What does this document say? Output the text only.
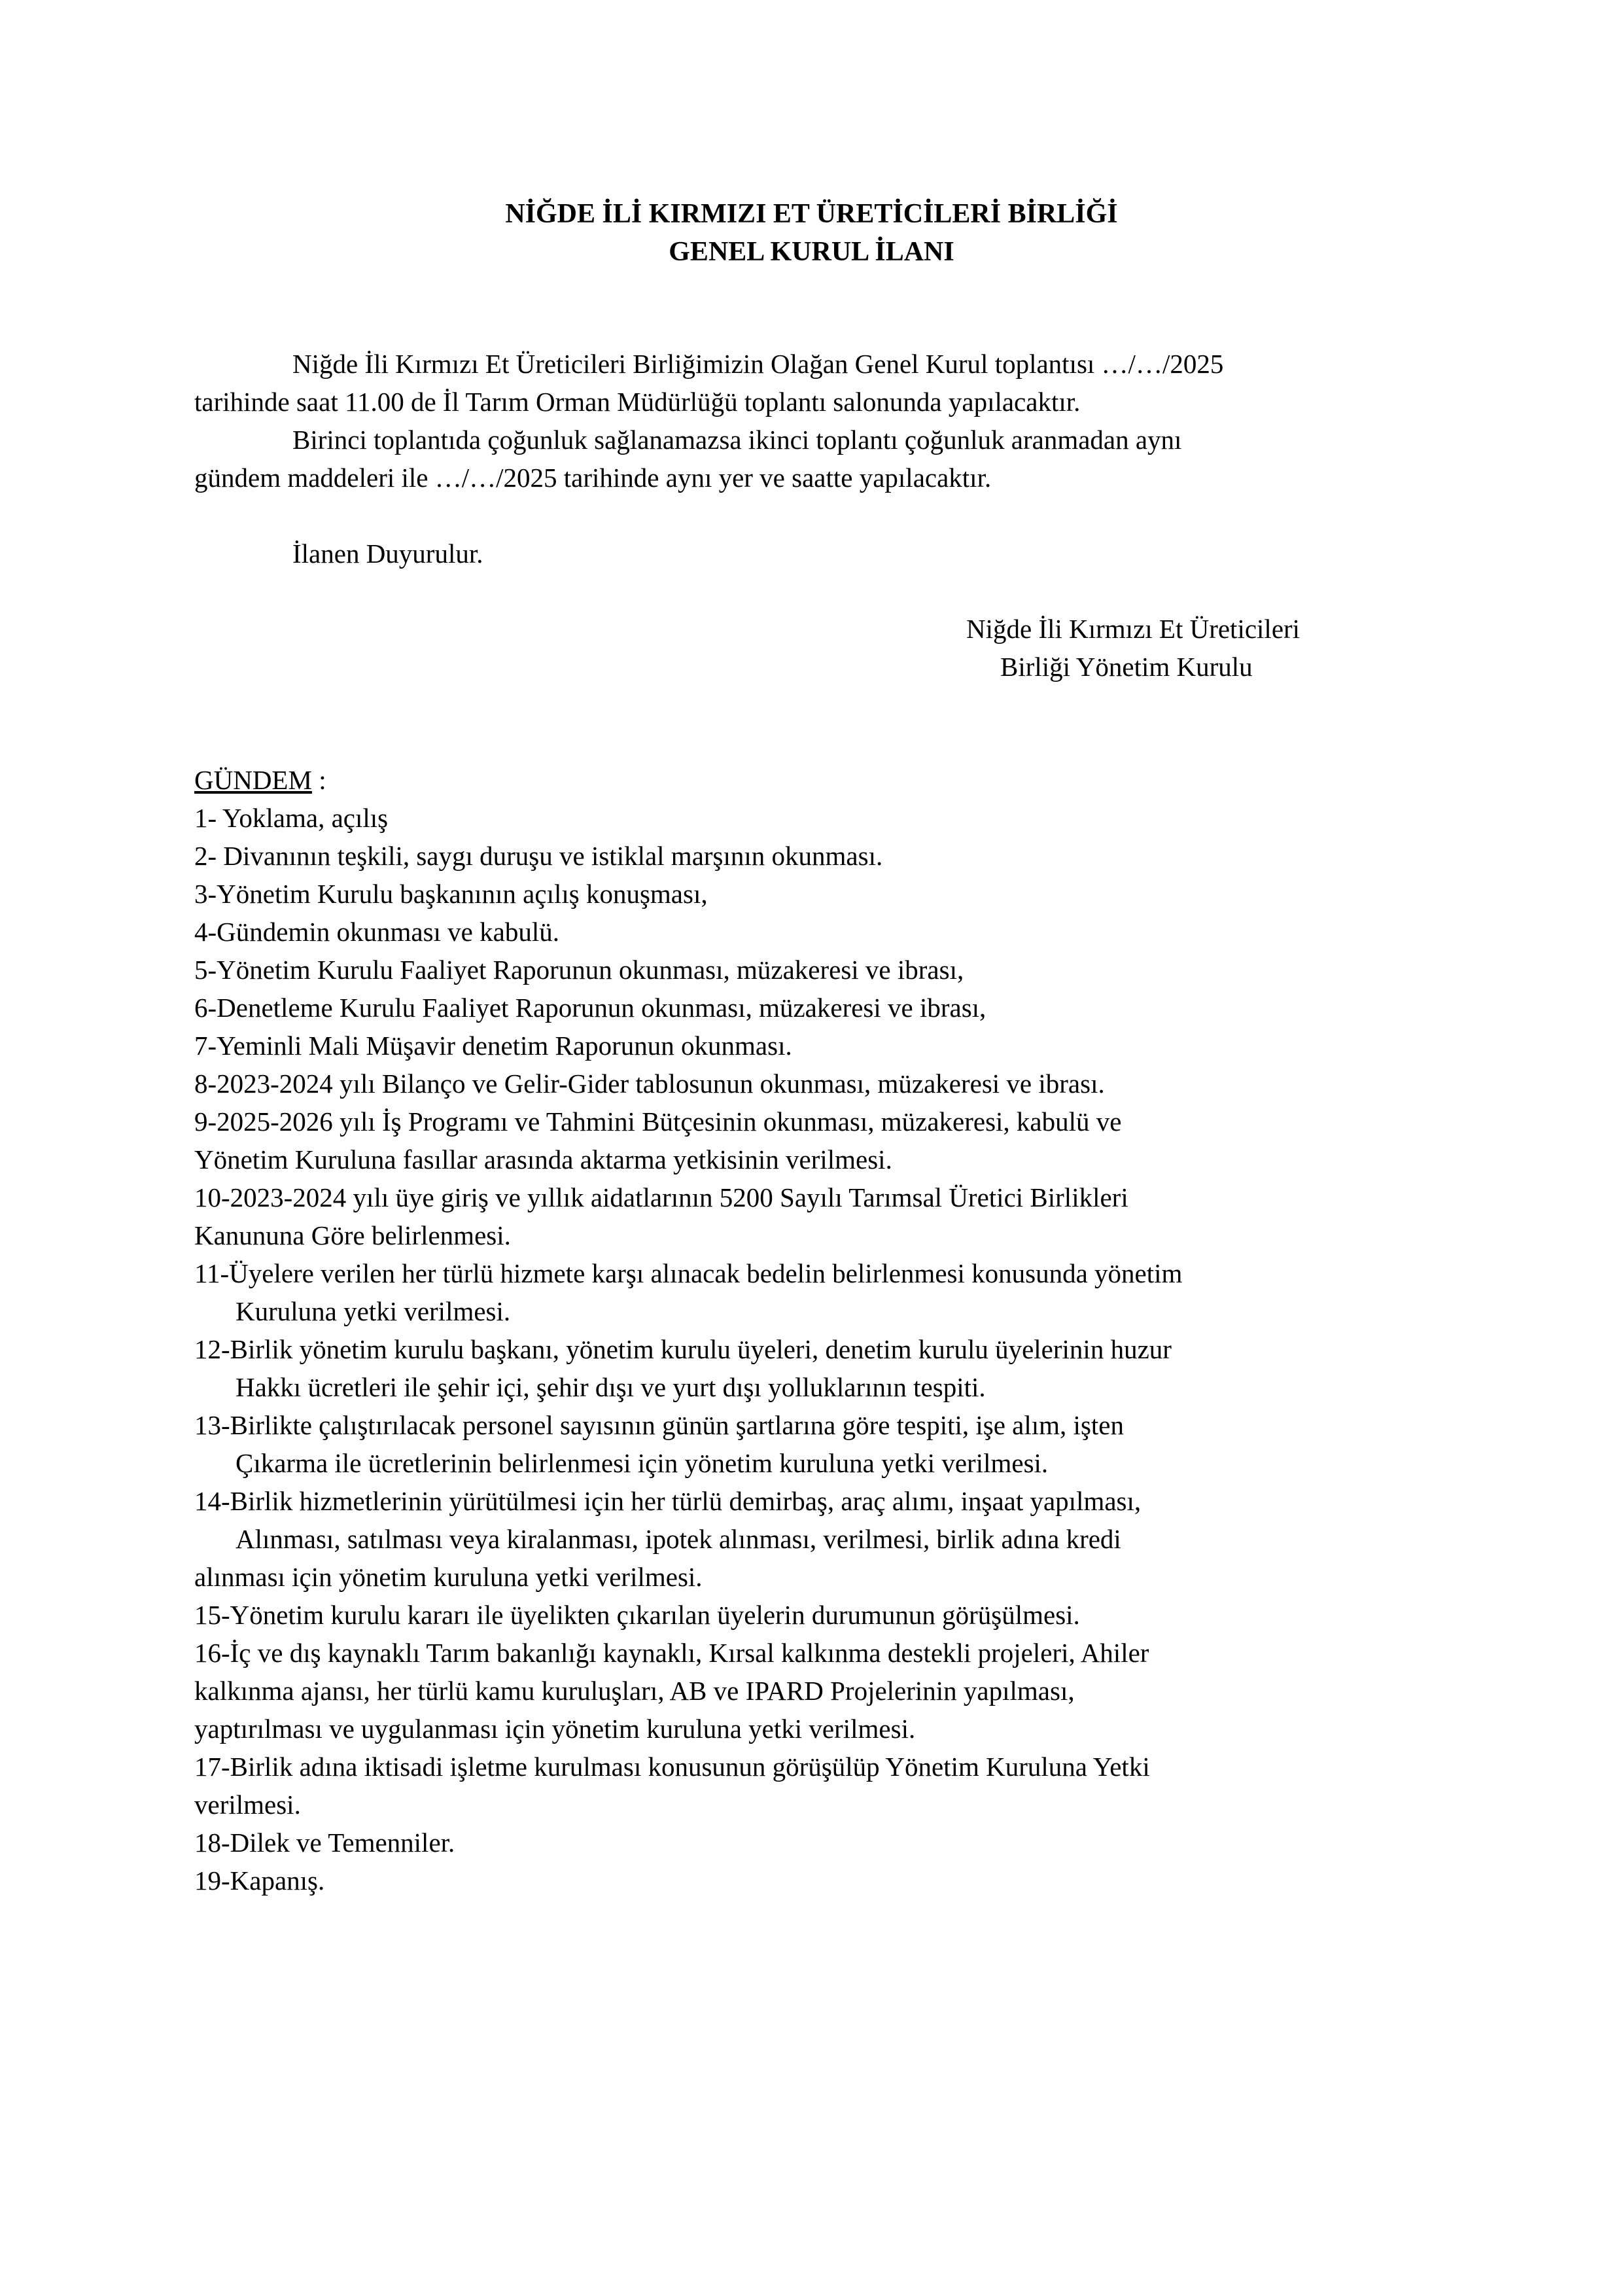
NİĞDE İLİ KIRMIZI ET ÜRETİCİLERİ BİRLİĞİ
GENEL KURUL İLANI

Niğde İli Kırmızı Et Üreticileri Birliğimizin Olağan Genel Kurul toplantısı …/…/2025
tarihinde saat 11.00 de İl Tarım Orman Müdürlüğü toplantı salonunda yapılacaktır.

Birinci toplantıda çoğunluk sağlanamazsa ikinci toplantı çoğunluk aranmadan aynı
gündem maddeleri ile …/…/2025 tarihinde aynı yer ve saatte yapılacaktır.

İlanen Duyurulur.

Niğde İli Kırmızı Et Üreticileri
Birliği Yönetim Kurulu

GÜNDEM :
1- Yoklama, açılış
2- Divanının teşkili, saygı duruşu ve istiklal marşının okunması.
3-Yönetim Kurulu başkanının açılış konuşması,
4-Gündemin okunması ve kabulü.
5-Yönetim Kurulu Faaliyet Raporunun okunması, müzakeresi ve ibrası,
6-Denetleme Kurulu Faaliyet Raporunun okunması, müzakeresi ve ibrası,
7-Yeminli Mali Müşavir denetim Raporunun okunması.
8-2023-2024 yılı Bilanço ve Gelir-Gider tablosunun okunması, müzakeresi ve ibrası.
9-2025-2026 yılı İş Programı ve Tahmini Bütçesinin okunması, müzakeresi, kabulü ve
Yönetim Kuruluna fasıllar arasında aktarma yetkisinin verilmesi.
10-2023-2024 yılı üye giriş ve yıllık aidatlarının 5200 Sayılı Tarımsal Üretici Birlikleri
Kanununa Göre belirlenmesi.
11-Üyelere verilen her türlü hizmete karşı alınacak bedelin belirlenmesi konusunda yönetim
Kuruluna yetki verilmesi.
12-Birlik yönetim kurulu başkanı, yönetim kurulu üyeleri, denetim kurulu üyelerinin huzur
Hakkı ücretleri ile şehir içi, şehir dışı ve yurt dışı yolluklarının tespiti.
13-Birlikte çalıştırılacak personel sayısının günün şartlarına göre tespiti, işe alım, işten
Çıkarma ile ücretlerinin belirlenmesi için yönetim kuruluna yetki verilmesi.
14-Birlik hizmetlerinin yürütülmesi için her türlü demirbaş, araç alımı, inşaat yapılması,
Alınması, satılması veya kiralanması, ipotek alınması, verilmesi, birlik adına kredi
alınması için yönetim kuruluna yetki verilmesi.
15-Yönetim kurulu kararı ile üyelikten çıkarılan üyelerin durumunun görüşülmesi.
16-İç ve dış kaynaklı Tarım bakanlığı kaynaklı, Kırsal kalkınma destekli projeleri, Ahiler
kalkınma ajansı, her türlü kamu kuruluşları, AB ve IPARD Projelerinin yapılması,
yaptırılması ve uygulanması için yönetim kuruluna yetki verilmesi.
17-Birlik adına iktisadi işletme kurulması konusunun görüşülüp Yönetim Kuruluna Yetki
verilmesi.
18-Dilek ve Temenniler.
19-Kapanış.
